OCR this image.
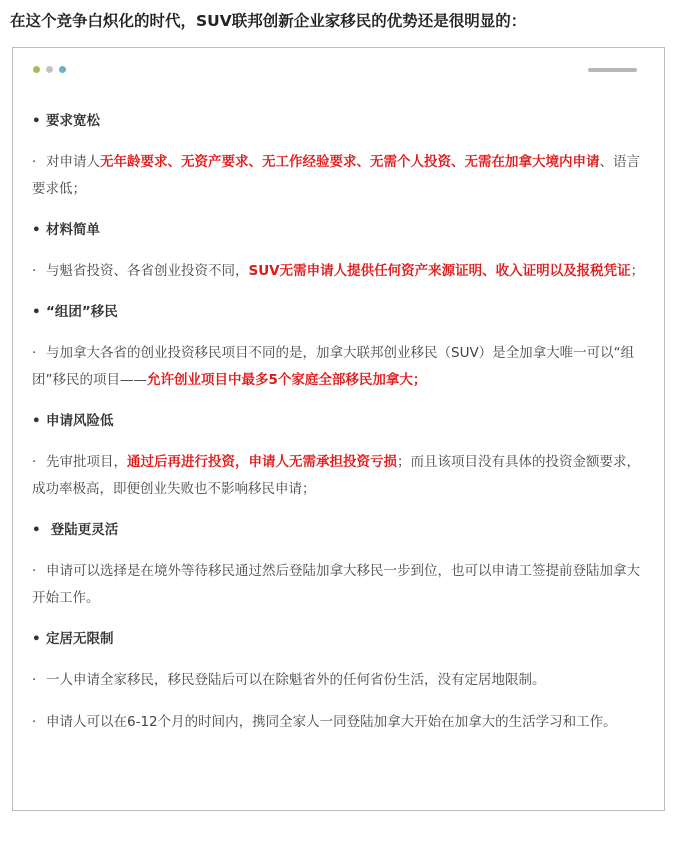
在这个竞争白炽化的时代，SUV联邦创新企业家移民的优势还是很明显的：
• 要求宽松
· 对申请人无年龄要求、无资产要求、无工作经验要求、无需个人投资、无需在加拿大境内申请、语言要求低；
• 材料简单
· 与魁省投资、各省创业投资不同，SUV无需申请人提供任何资产来源证明、收入证明以及报税凭证；
• “组团”移民
· 与加拿大各省的创业投资移民项目不同的是，加拿大联邦创业移民（SUV）是全加拿大唯一可以“组团”移民的项目——允许创业项目中最多5个家庭全部移民加拿大；
• 申请风险低
· 先审批项目，通过后再进行投资，申请人无需承担投资亏损；而且该项目没有具体的投资金额要求，成功率极高，即便创业失败也不影响移民申请；
• 登陆更灵活
· 申请可以选择是在境外等待移民通过然后登陆加拿大移民一步到位，也可以申请工签提前登陆加拿大开始工作。
• 定居无限制
· 一人申请全家移民，移民登陆后可以在除魁省外的任何省份生活，没有定居地限制。
· 申请人可以在6-12个月的时间内，携同全家人一同登陆加拿大开始在加拿大的生活学习和工作。
